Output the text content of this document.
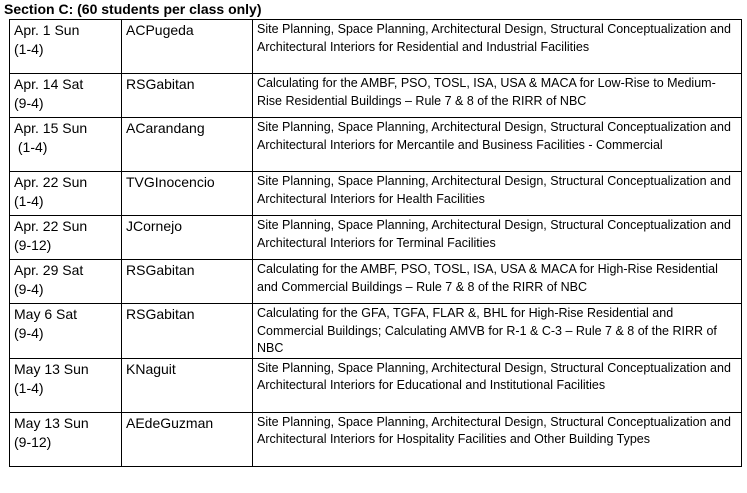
Section C: (60 students per class only)
Apr. 1 Sun
(1-4)	ACPugeda	Site Planning, Space Planning, Architectural Design, Structural Conceptualization and Architectural Interiors for Residential and Industrial Facilities

Apr. 14 Sat
(9-4)	RSGabitan	Calculating for the AMBF, PSO, TOSL, ISA, USA & MACA for Low-Rise to Medium-Rise Residential Buildings – Rule 7 & 8 of the RIRR of NBC

Apr. 15 Sun
(1-4)	ACarandang	Site Planning, Space Planning, Architectural Design, Structural Conceptualization and Architectural Interiors for Mercantile and Business Facilities - Commercial

Apr. 22 Sun
(1-4)	TVGInocencio	Site Planning, Space Planning, Architectural Design, Structural Conceptualization and Architectural Interiors for Health Facilities

Apr. 22 Sun
(9-12)	JCornejo	Site Planning, Space Planning, Architectural Design, Structural Conceptualization and Architectural Interiors for Terminal Facilities

Apr. 29 Sat
(9-4)	RSGabitan	Calculating for the AMBF, PSO, TOSL, ISA, USA & MACA for High-Rise Residential and Commercial Buildings – Rule 7 & 8 of the RIRR of NBC

May 6 Sat
(9-4)	RSGabitan	Calculating for the GFA, TGFA, FLAR &, BHL for High-Rise Residential and Commercial Buildings; Calculating AMVB for R-1 & C-3 – Rule 7 & 8 of the RIRR of NBC

May 13 Sun
(1-4)	KNaguit	Site Planning, Space Planning, Architectural Design, Structural Conceptualization and Architectural Interiors for Educational and Institutional Facilities

May 13 Sun
(9-12)	AEdeGuzman	Site Planning, Space Planning, Architectural Design, Structural Conceptualization and Architectural Interiors for Hospitality Facilities and Other Building Types
